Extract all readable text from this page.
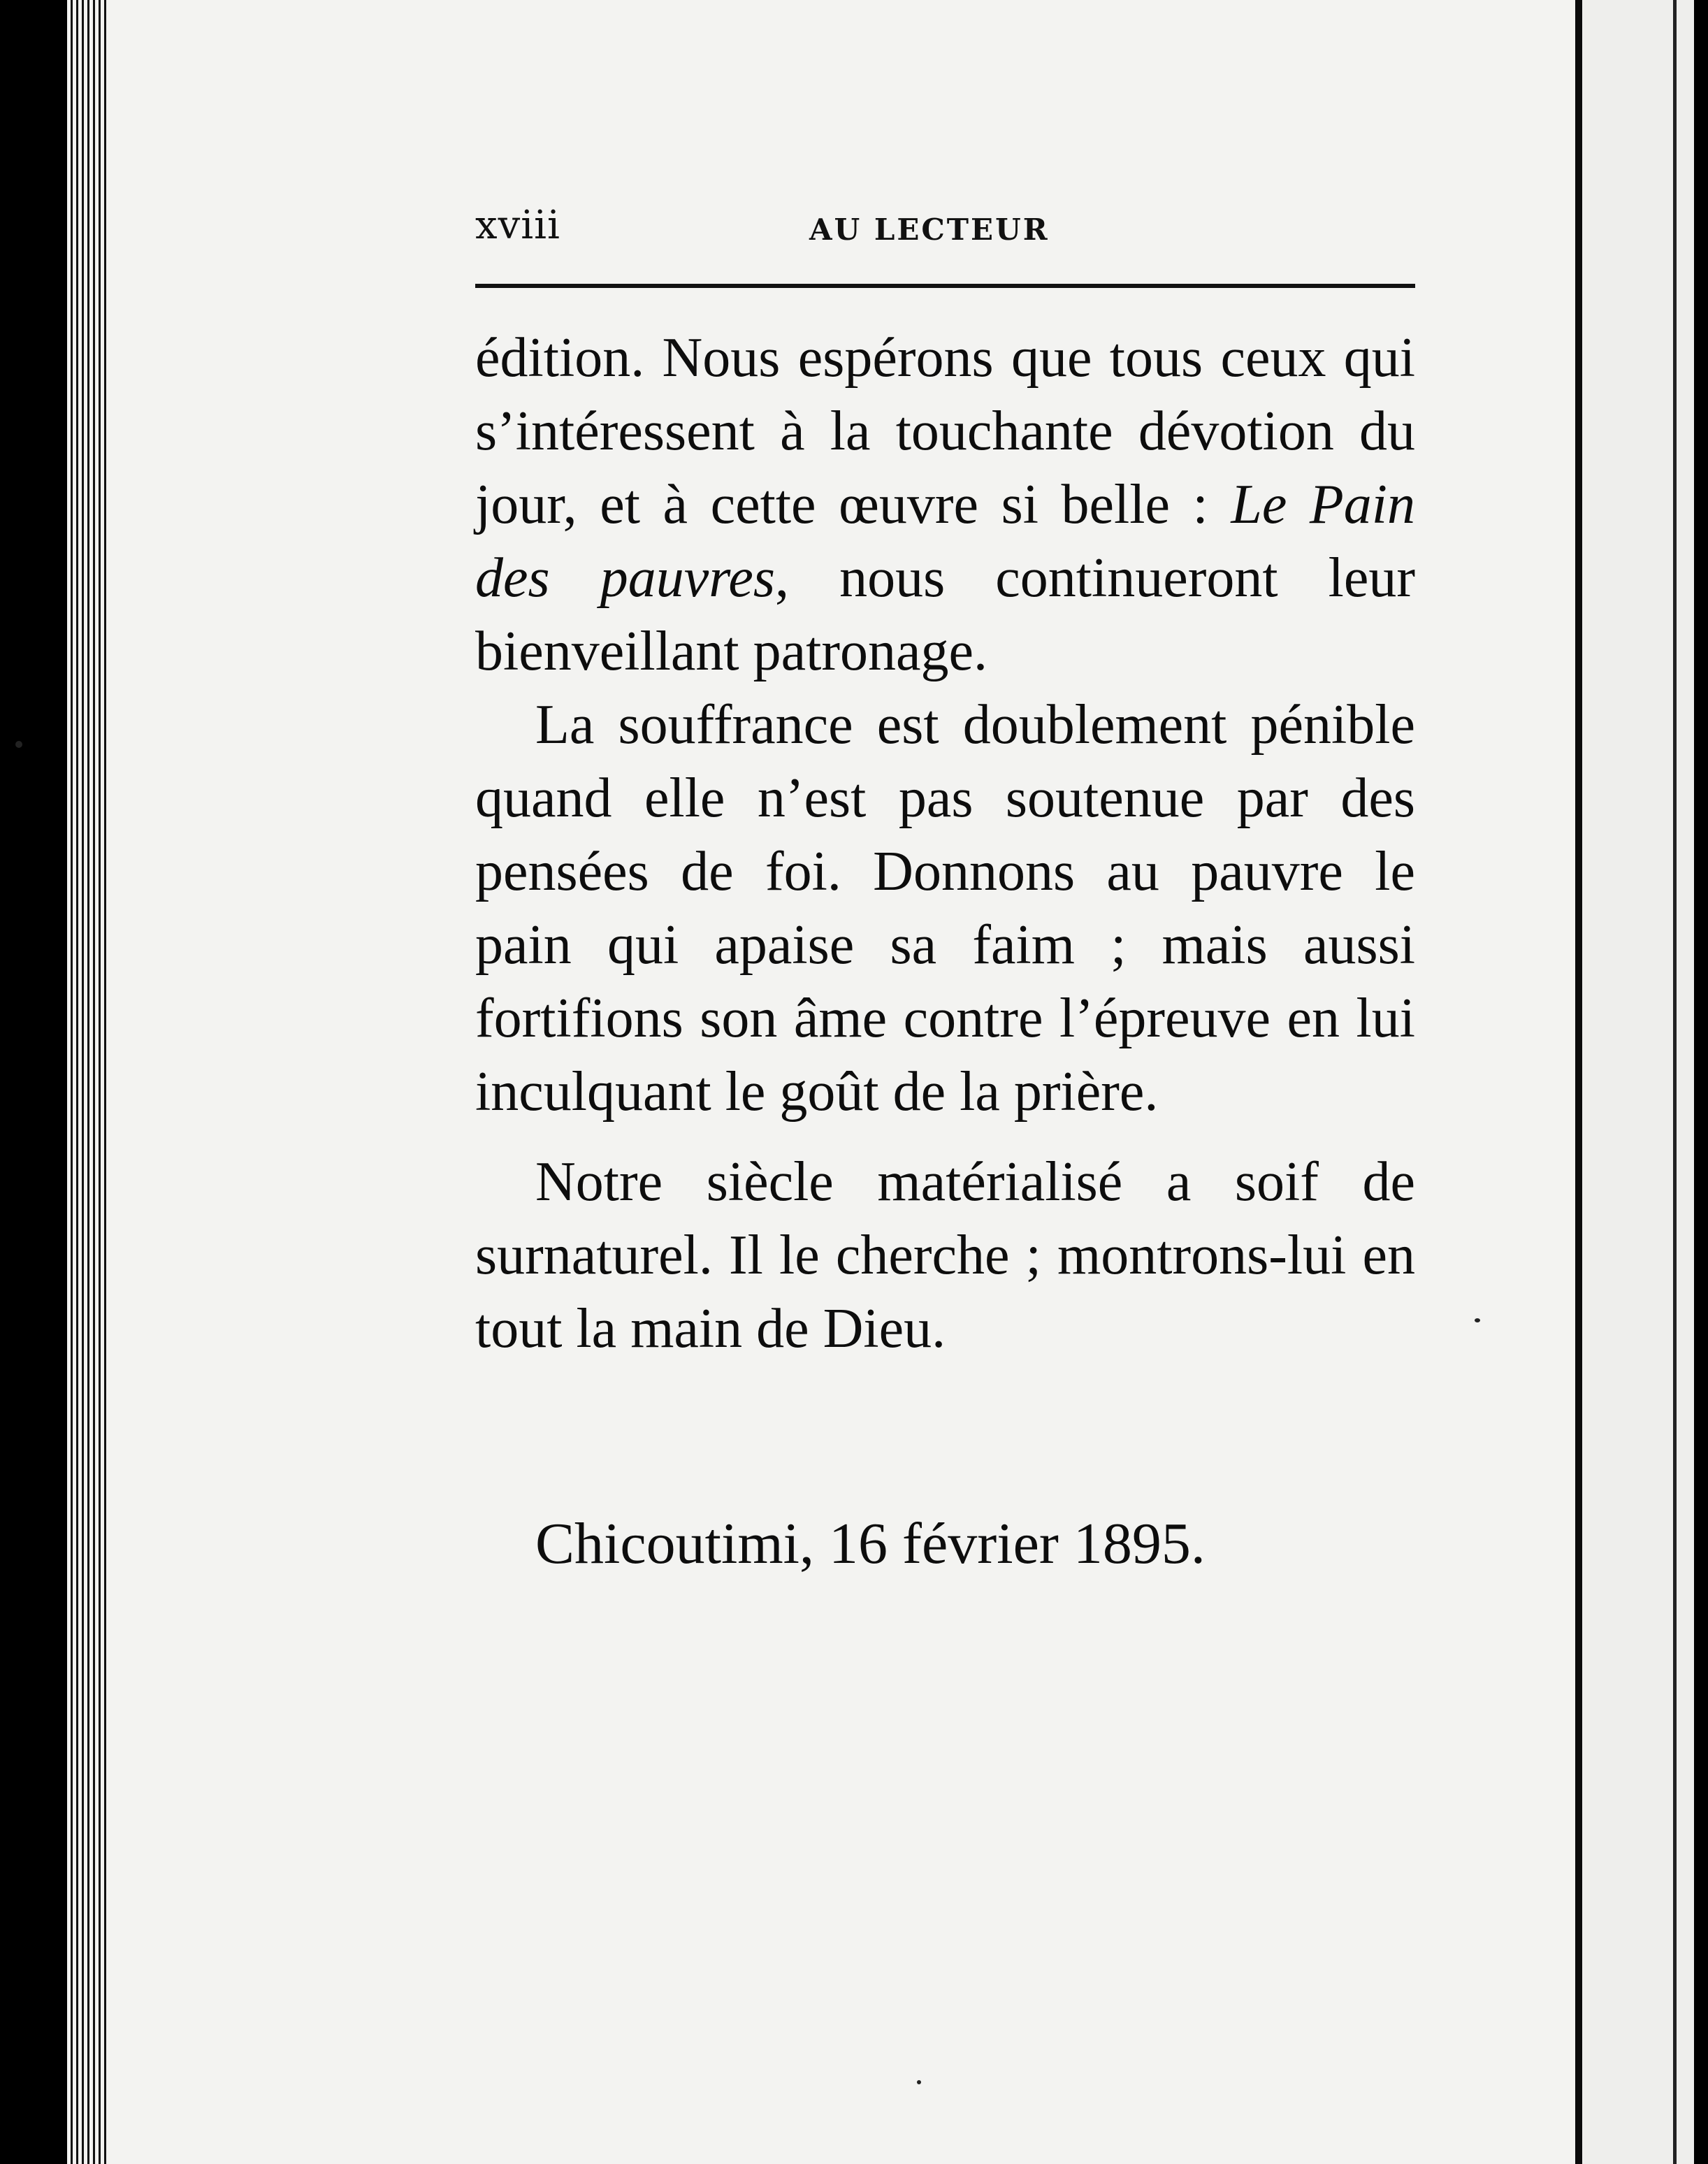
xviii	AU LECTEUR

édition. Nous espérons que tous ceux qui s’intéressent à la touchante dévotion du jour, et à cette œuvre si belle : Le Pain des pauvres, nous continueront leur bienveillant patronage.

La souffrance est doublement pénible quand elle n’est pas soutenue par des pensées de foi. Donnons au pauvre le pain qui apaise sa faim ; mais aussi fortifions son âme contre l’épreuve en lui inculquant le goût de la prière.

Notre siècle matérialisé a soif de surnaturel. Il le cherche ; montrons-lui en tout la main de Dieu.

Chicoutimi, 16 février 1895.
